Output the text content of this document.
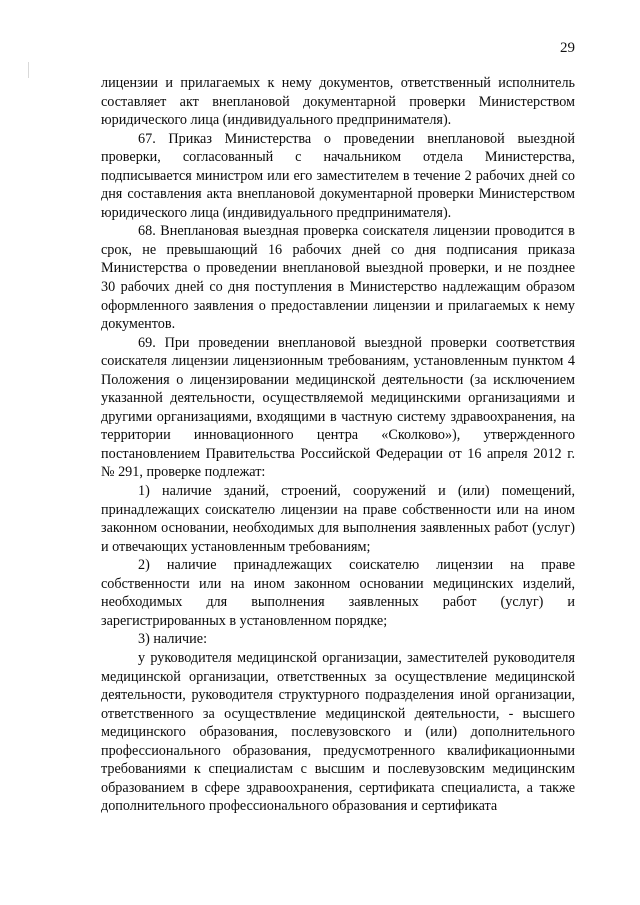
29

лицензии и прилагаемых к нему документов, ответственный исполнитель составляет акт внеплановой документарной проверки Министерством юридического лица (индивидуального предпринимателя).

67. Приказ Министерства о проведении внеплановой выездной проверки, согласованный с начальником отдела Министерства, подписывается министром или его заместителем в течение 2 рабочих дней со дня составления акта внеплановой документарной проверки Министерством юридического лица (индивидуального предпринимателя).

68. Внеплановая выездная проверка соискателя лицензии проводится в срок, не превышающий 16 рабочих дней со дня подписания приказа Министерства о проведении внеплановой выездной проверки, и не позднее 30 рабочих дней со дня поступления в Министерство надлежащим образом оформленного заявления о предоставлении лицензии и прилагаемых к нему документов.

69. При проведении внеплановой выездной проверки соответствия соискателя лицензии лицензионным требованиям, установленным пунктом 4 Положения о лицензировании медицинской деятельности (за исключением указанной деятельности, осуществляемой медицинскими организациями и другими организациями, входящими в частную систему здравоохранения, на территории инновационного центра «Сколково»), утвержденного постановлением Правительства Российской Федерации от 16 апреля 2012 г. № 291, проверке подлежат:

1) наличие зданий, строений, сооружений и (или) помещений, принадлежащих соискателю лицензии на праве собственности или на ином законном основании, необходимых для выполнения заявленных работ (услуг) и отвечающих установленным требованиям;

2) наличие принадлежащих соискателю лицензии на праве собственности или на ином законном основании медицинских изделий, необходимых для выполнения заявленных работ (услуг) и зарегистрированных в установленном порядке;

3) наличие:

у руководителя медицинской организации, заместителей руководителя медицинской организации, ответственных за осуществление медицинской деятельности, руководителя структурного подразделения иной организации, ответственного за осуществление медицинской деятельности, - высшего медицинского образования, послевузовского и (или) дополнительного профессионального образования, предусмотренного квалификационными требованиями к специалистам с высшим и послевузовским медицинским образованием в сфере здравоохранения, сертификата специалиста, а также дополнительного профессионального образования и сертификата
